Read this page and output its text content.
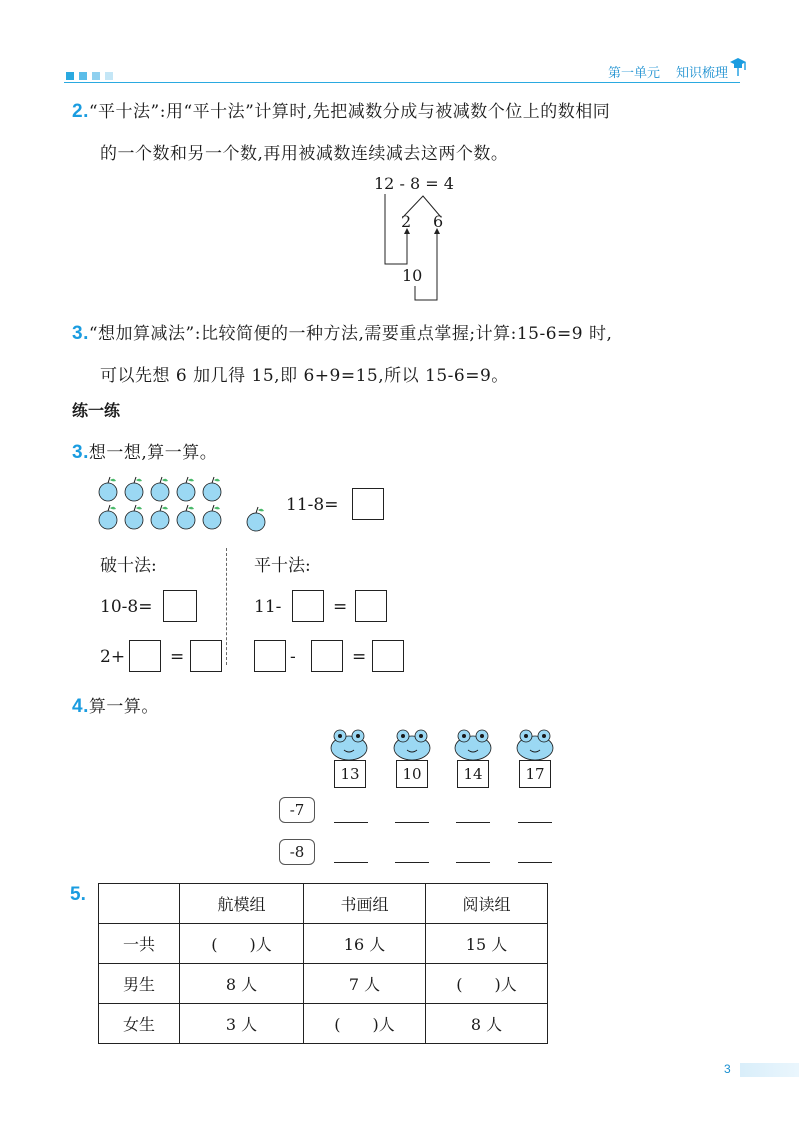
第一单元 知识梳理
2.“平十法”:用“平十法”计算时,先把减数分成与被减数个位上的数相同
的一个数和另一个数,再用被减数连续减去这两个数。
12 - 8 = 4
2 6
10
3.“想加算减法”:比较简便的一种方法,需要重点掌握;计算:15-6=9 时,
可以先想 6 加几得 15,即 6+9=15,所以 15-6=9。
练一练
3.想一想,算一算。
11-8=
破十法:	平十法:
10-8=	11-	=
2+	=	-	=
4.算一算。
13	10	14	17
-7
-8
5.
		航模组	书画组	阅读组
一共	(　　)人	16 人	15 人
男生	8 人	7 人	(　　)人
女生	3 人	(　　)人	8 人
3
